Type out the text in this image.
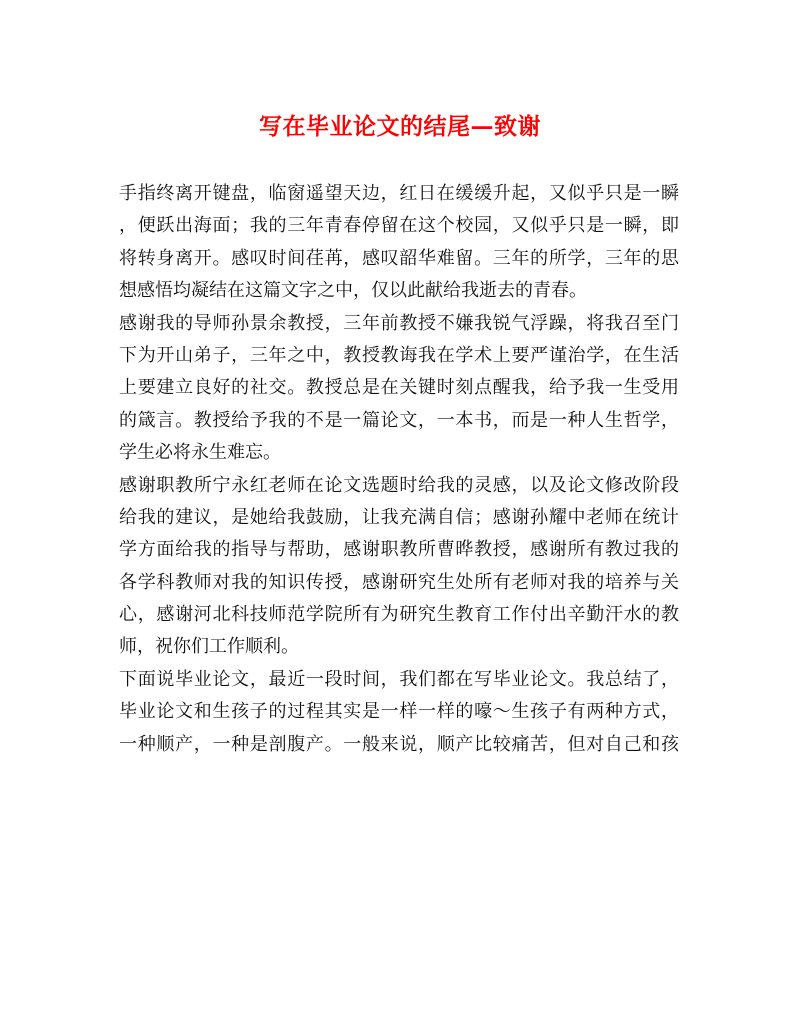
写在毕业论文的结尾—致谢
手指终离开键盘，临窗遥望天边，红日在缓缓升起，又似乎只是一瞬
，便跃出海面；我的三年青春停留在这个校园，又似乎只是一瞬，即
将转身离开。感叹时间荏苒，感叹韶华难留。三年的所学，三年的思
想感悟均凝结在这篇文字之中，仅以此献给我逝去的青春。
感谢我的导师孙景余教授，三年前教授不嫌我锐气浮躁，将我召至门
下为开山弟子，三年之中，教授教诲我在学术上要严谨治学，在生活
上要建立良好的社交。教授总是在关键时刻点醒我，给予我一生受用
的箴言。教授给予我的不是一篇论文，一本书，而是一种人生哲学，
学生必将永生难忘。
感谢职教所宁永红老师在论文选题时给我的灵感，以及论文修改阶段
给我的建议，是她给我鼓励，让我充满自信；感谢孙耀中老师在统计
学方面给我的指导与帮助，感谢职教所曹晔教授，感谢所有教过我的
各学科教师对我的知识传授，感谢研究生处所有老师对我的培养与关
心，感谢河北科技师范学院所有为研究生教育工作付出辛勤汗水的教
师，祝你们工作顺利。
下面说毕业论文，最近一段时间，我们都在写毕业论文。我总结了，
毕业论文和生孩子的过程其实是一样一样的嚎～生孩子有两种方式，
一种顺产，一种是剖腹产。一般来说，顺产比较痛苦，但对自己和孩
